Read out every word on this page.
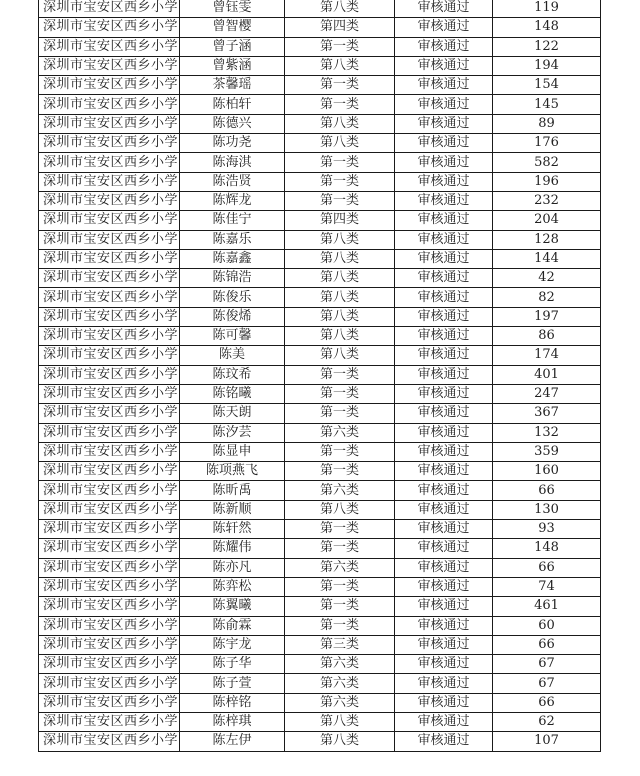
深圳市宝安区西乡小学	曾钰雯	第八类	审核通过	119
深圳市宝安区西乡小学	曾智樱	第四类	审核通过	148
深圳市宝安区西乡小学	曾子涵	第一类	审核通过	122
深圳市宝安区西乡小学	曾紫涵	第八类	审核通过	194
深圳市宝安区西乡小学	茶馨瑶	第一类	审核通过	154
深圳市宝安区西乡小学	陈柏轩	第一类	审核通过	145
深圳市宝安区西乡小学	陈德兴	第八类	审核通过	89
深圳市宝安区西乡小学	陈功尧	第八类	审核通过	176
深圳市宝安区西乡小学	陈海淇	第一类	审核通过	582
深圳市宝安区西乡小学	陈浩贤	第一类	审核通过	196
深圳市宝安区西乡小学	陈辉龙	第一类	审核通过	232
深圳市宝安区西乡小学	陈佳宁	第四类	审核通过	204
深圳市宝安区西乡小学	陈嘉乐	第八类	审核通过	128
深圳市宝安区西乡小学	陈嘉鑫	第八类	审核通过	144
深圳市宝安区西乡小学	陈锦浩	第八类	审核通过	42
深圳市宝安区西乡小学	陈俊乐	第八类	审核通过	82
深圳市宝安区西乡小学	陈俊烯	第八类	审核通过	197
深圳市宝安区西乡小学	陈可馨	第八类	审核通过	86
深圳市宝安区西乡小学	陈美	第八类	审核通过	174
深圳市宝安区西乡小学	陈玟希	第一类	审核通过	401
深圳市宝安区西乡小学	陈铭曦	第一类	审核通过	247
深圳市宝安区西乡小学	陈天朗	第一类	审核通过	367
深圳市宝安区西乡小学	陈汐芸	第六类	审核通过	132
深圳市宝安区西乡小学	陈显申	第一类	审核通过	359
深圳市宝安区西乡小学	陈项燕飞	第一类	审核通过	160
深圳市宝安区西乡小学	陈昕禹	第六类	审核通过	66
深圳市宝安区西乡小学	陈新顺	第八类	审核通过	130
深圳市宝安区西乡小学	陈轩然	第一类	审核通过	93
深圳市宝安区西乡小学	陈耀伟	第一类	审核通过	148
深圳市宝安区西乡小学	陈亦凡	第六类	审核通过	66
深圳市宝安区西乡小学	陈弈松	第一类	审核通过	74
深圳市宝安区西乡小学	陈翼曦	第一类	审核通过	461
深圳市宝安区西乡小学	陈俞霖	第一类	审核通过	60
深圳市宝安区西乡小学	陈宇龙	第三类	审核通过	66
深圳市宝安区西乡小学	陈子华	第六类	审核通过	67
深圳市宝安区西乡小学	陈子萱	第六类	审核通过	67
深圳市宝安区西乡小学	陈梓铭	第六类	审核通过	66
深圳市宝安区西乡小学	陈梓琪	第八类	审核通过	62
深圳市宝安区西乡小学	陈左伊	第八类	审核通过	107
